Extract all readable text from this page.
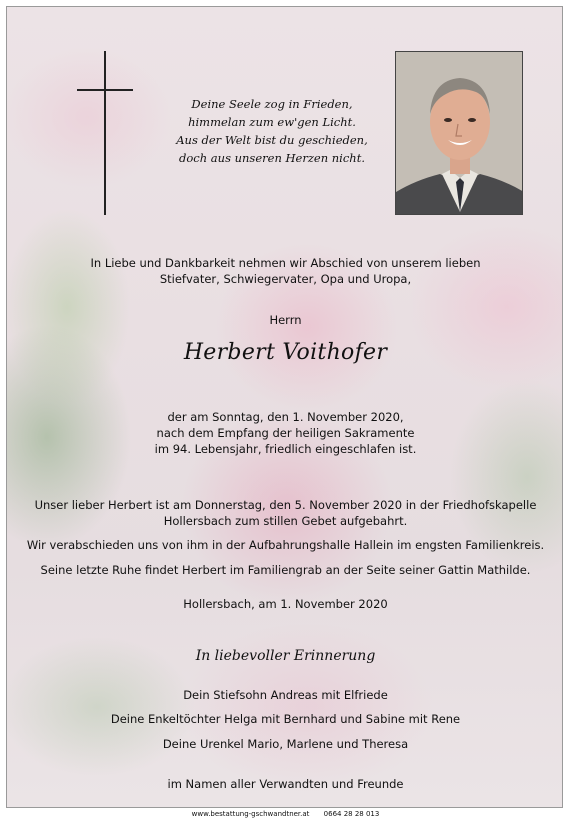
Deine Seele zog in Frieden,
himmelan zum ew'gen Licht.
Aus der Welt bist du geschieden,
doch aus unseren Herzen nicht.
In Liebe und Dankbarkeit nehmen wir Abschied von unserem lieben
Stiefvater, Schwiegervater, Opa und Uropa,
Herrn
Herbert Voithofer
der am Sonntag, den 1. November 2020,
nach dem Empfang der heiligen Sakramente
im 94. Lebensjahr, friedlich eingeschlafen ist.
Unser lieber Herbert ist am Donnerstag, den 5. November 2020 in der Friedhofskapelle
Hollersbach zum stillen Gebet aufgebahrt.
Wir verabschieden uns von ihm in der Aufbahrungshalle Hallein im engsten Familienkreis.
Seine letzte Ruhe findet Herbert im Familiengrab an der Seite seiner Gattin Mathilde.
Hollersbach, am 1. November 2020
In liebevoller Erinnerung
Dein Stiefsohn Andreas mit Elfriede
Deine Enkeltöchter Helga mit Bernhard und Sabine mit Rene
Deine Urenkel Mario, Marlene und Theresa
im Namen aller Verwandten und Freunde
www.bestattung-gschwandtner.at 0664 28 28 013
